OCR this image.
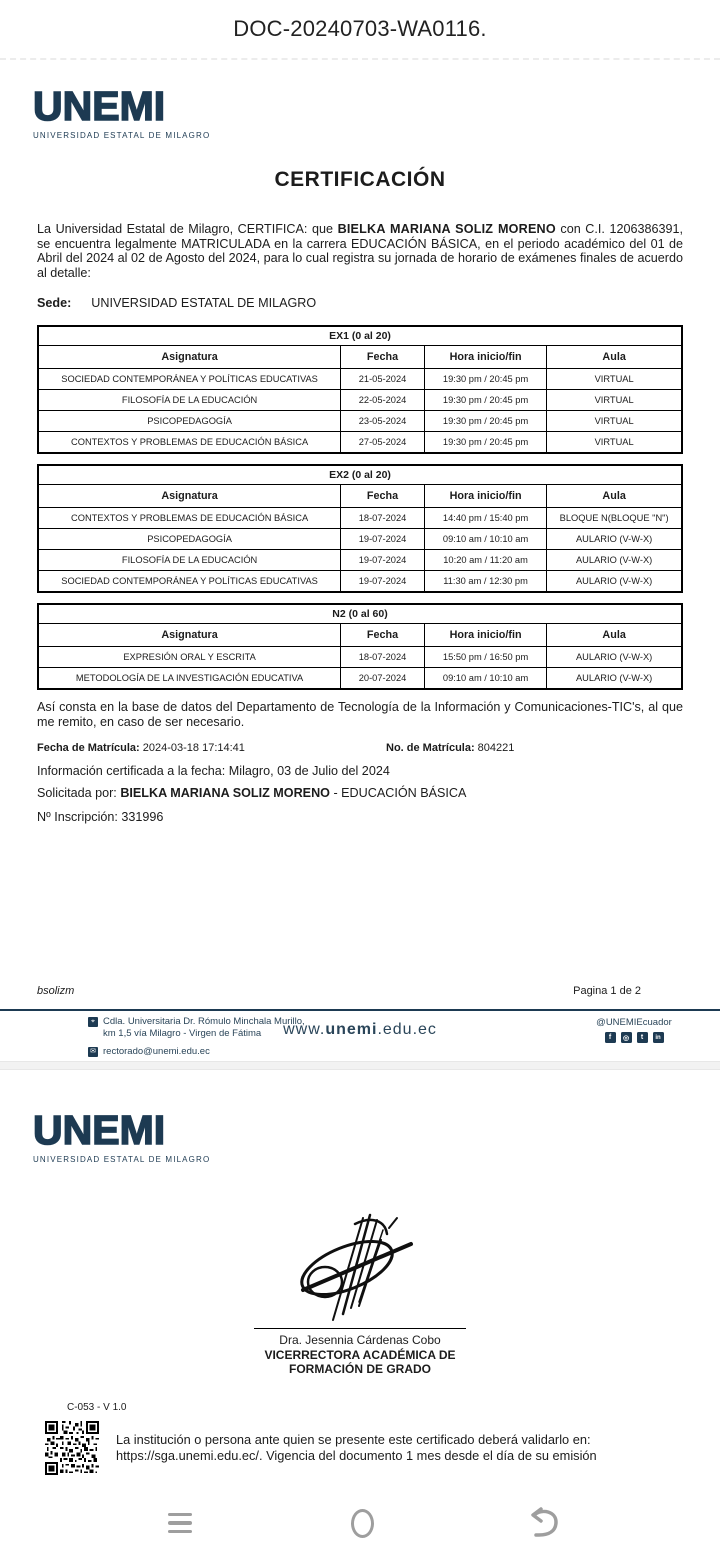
DOC-20240703-WA0116.
UNEMI
UNIVERSIDAD ESTATAL DE MILAGRO
CERTIFICACIÓN
La Universidad Estatal de Milagro, CERTIFICA: que BIELKA MARIANA SOLIZ MORENO con C.I. 1206386391, se encuentra legalmente MATRICULADA en la carrera EDUCACIÓN BÁSICA, en el periodo académico del 01 de Abril del 2024 al 02 de Agosto del 2024, para lo cual registra su jornada de horario de exámenes finales de acuerdo al detalle:
Sede: UNIVERSIDAD ESTATAL DE MILAGRO
EX1 (0 al 20)			
Asignatura	Fecha	Hora inicio/fin	Aula
SOCIEDAD CONTEMPORÁNEA Y POLÍTICAS EDUCATIVAS	21-05-2024	19:30 pm / 20:45 pm	VIRTUAL
FILOSOFÍA DE LA EDUCACIÓN	22-05-2024	19:30 pm / 20:45 pm	VIRTUAL
PSICOPEDAGOGÍA	23-05-2024	19:30 pm / 20:45 pm	VIRTUAL
CONTEXTOS Y PROBLEMAS DE EDUCACIÓN BÁSICA	27-05-2024	19:30 pm / 20:45 pm	VIRTUAL
EX2 (0 al 20)			
Asignatura	Fecha	Hora inicio/fin	Aula
CONTEXTOS Y PROBLEMAS DE EDUCACIÓN BÁSICA	18-07-2024	14:40 pm / 15:40 pm	BLOQUE N(BLOQUE "N")
PSICOPEDAGOGÍA	19-07-2024	09:10 am / 10:10 am	AULARIO (V-W-X)
FILOSOFÍA DE LA EDUCACIÓN	19-07-2024	10:20 am / 11:20 am	AULARIO (V-W-X)
SOCIEDAD CONTEMPORÁNEA Y POLÍTICAS EDUCATIVAS	19-07-2024	11:30 am / 12:30 pm	AULARIO (V-W-X)
N2 (0 al 60)			
Asignatura	Fecha	Hora inicio/fin	Aula
EXPRESIÓN ORAL Y ESCRITA	18-07-2024	15:50 pm / 16:50 pm	AULARIO (V-W-X)
METODOLOGÍA DE LA INVESTIGACIÓN EDUCATIVA	20-07-2024	09:10 am / 10:10 am	AULARIO (V-W-X)
Así consta en la base de datos del Departamento de Tecnología de la Información y Comunicaciones-TIC's, al que me remito, en caso de ser necesario.
Fecha de Matrícula: 2024-03-18 17:14:41	No. de Matrícula: 804221
Información certificada a la fecha: Milagro, 03 de Julio del 2024
Solicitada por: BIELKA MARIANA SOLIZ MORENO - EDUCACIÓN BÁSICA
Nº Inscripción: 331996
bsolizm	Pagina 1 de 2
⌖ Cdla. Universitaria Dr. Rómulo Minchala Murillo,
km 1,5 vía Milagro - Virgen de Fátima
✉ rectorado@unemi.edu.ec
www.unemi.edu.ec	@UNEMIEcuador
f	◎	t	in
UNEMI
UNIVERSIDAD ESTATAL DE MILAGRO
Dra. Jesennia Cárdenas Cobo
VICERRECTORA ACADÉMICA DE
FORMACIÓN DE GRADO
C-053 - V 1.0
La institución o persona ante quien se presente este certificado deberá validarlo en:
https://sga.unemi.edu.ec/. Vigencia del documento 1 mes desde el día de su emisión
